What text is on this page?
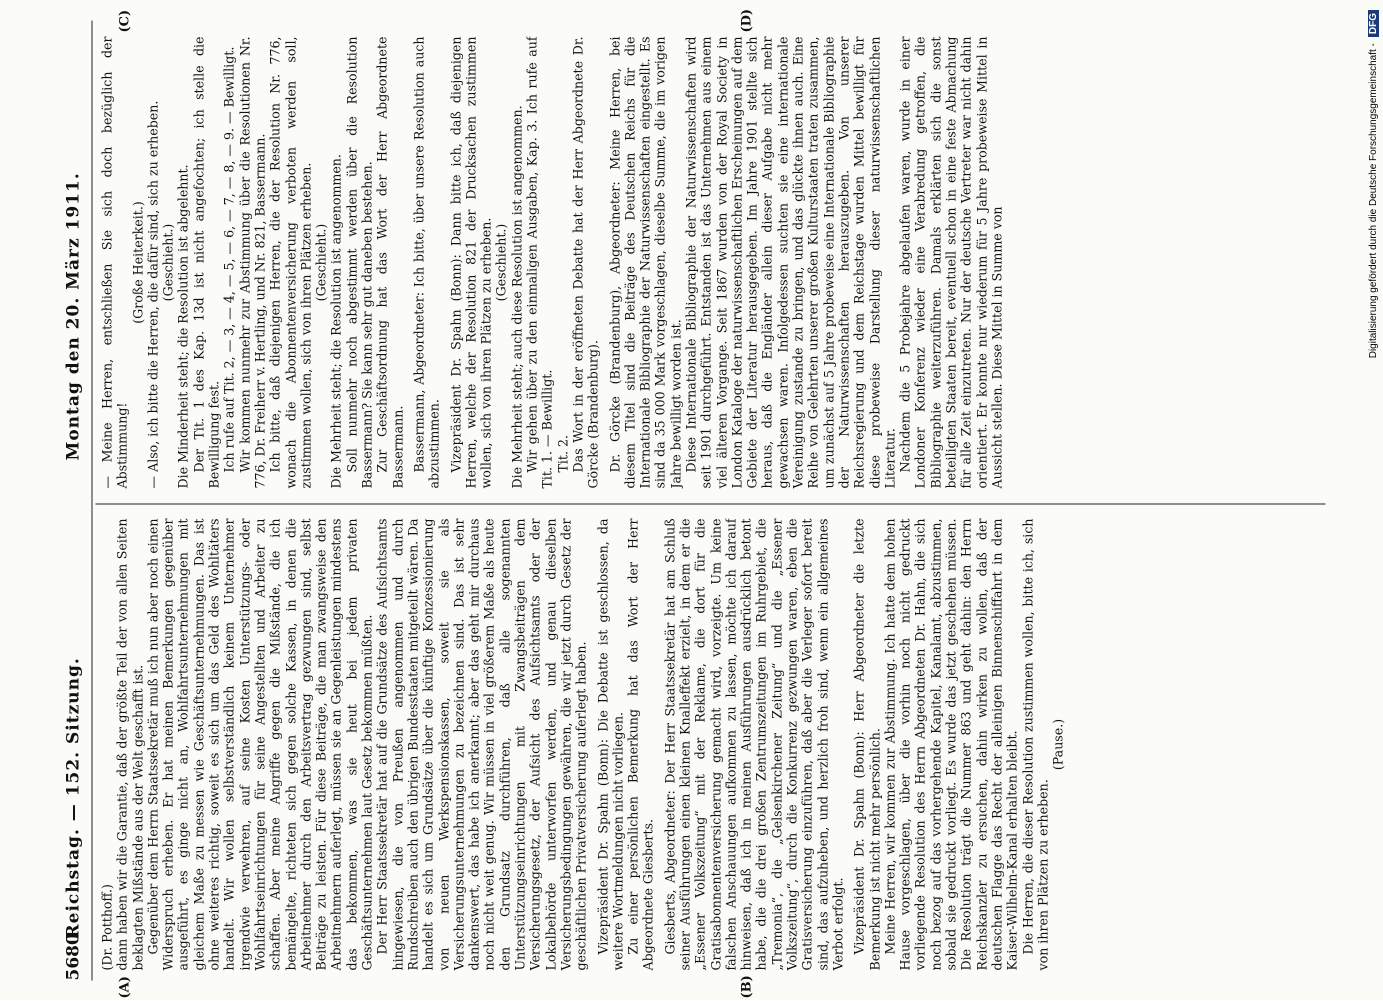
5680
Reichstag. — 152. Sitzung.
Montag den 20. März 1911.
(A)	(B)
(C)	(D)

(Dr. Potthoff.) dann haben wir die Garantie, daß der größte Teil der von allen Seiten beklagten Mißstände aus der Welt geschafft ist. Gegenüber dem Herrn Staatssekretär muß ich nun aber noch einen Widerspruch erheben. Er hat meinen Bemerkungen gegenüber ausgeführt, es ginge nicht an, Wohlfahrtsunternehmungen mit gleichem Maße zu messen wie Geschäftsunternehmungen. Das ist ohne weiteres richtig, soweit es sich um das Geld des Wohltäters handelt. Wir wollen selbstverständlich keinem Unternehmer irgendwie verwehren, auf seine Kosten Unterstützungs- oder Wohlfahrtseinrichtungen für seine Angestellten und Arbeiter zu schaffen. Aber meine Angriffe gegen die Mißstände, die ich bemängelte, richteten sich gegen solche Kassen, in denen die Arbeitnehmer durch den Arbeitsvertrag gezwungen sind, selbst Beiträge zu leisten. Für diese Beiträge, die man zwangsweise den Arbeitnehmern auferlegt, müssen sie an Gegenleistungen mindestens das bekommen, was sie heut bei jedem privaten Geschäftsunternehmen laut Gesetz bekommen müßten. Der Herr Staatssekretär hat auf die Grundsätze des Aufsichtsamts hingewiesen, die von Preußen angenommen und durch Rundschreiben auch den übrigen Bundesstaaten mitgeteilt wären. Da handelt es sich um Grundsätze über die künftige Konzessionierung von neuen Werkspensionskassen, soweit sie als Versicherungsunternehmungen zu bezeichnen sind. Das ist sehr dankenswert, das habe ich anerkannt; aber das geht mir durchaus noch nicht weit genug. Wir müssen in viel größerem Maße als heute den Grundsatz durchführen, daß alle sogenannten Unterstützungseinrichtungen mit Zwangsbeiträgen dem Versicherungsgesetz, der Aufsicht des Aufsichtsamts oder der Lokalbehörde unterworfen werden, und genau dieselben Versicherungsbedingungen gewähren, die wir jetzt durch Gesetz der geschäftlichen Privatversicherung auferlegt haben. Vizepräsident Dr. Spahn (Bonn): Die Debatte ist geschlossen, da weitere Wortmeldungen nicht vorliegen. Zu einer persönlichen Bemerkung hat das Wort der Herr Abgeordnete Giesberts. Giesberts, Abgeordneter: Der Herr Staatssekretär hat am Schluß seiner Ausführungen einen kleinen Knalleffekt erzielt, in dem er die „Essener Volkszeitung“ mit der Reklame, die dort für die Gratisabonnentenversicherung gemacht wird, vorzeigte. Um keine falschen Anschauungen aufkommen zu lassen, möchte ich darauf hinweisen, daß ich in meinen Ausführungen ausdrücklich betont habe, die die drei großen Zentrumszeitungen im Ruhrgebiet, die „Tremonia“, die „Gelsenkirchener Zeitung“ und die „Essener Volkszeitung“, durch die Konkurrenz gezwungen waren, eben die Gratisversicherung einzuführen, daß aber die Verleger sofort bereit sind, das aufzuheben, und herzlich froh sind, wenn ein allgemeines Verbot erfolgt. Vizepräsident Dr. Spahn (Bonn): Herr Abgeordneter die letzte Bemerkung ist nicht mehr persönlich. Meine Herren, wir kommen zur Abstimmung. Ich hatte dem hohen Hause vorgeschlagen, über die vorhin noch nicht gedruckt vorliegende Resolution des Herrn Abgeordneten Dr. Hahn, die sich noch bezog auf das vorhergehende Kapitel, Kanalamt, abzustimmen, sobald sie gedruckt vorliegt. Es wurde das jetzt geschehen müssen. Die Resolution trägt die Nummer 863 und geht dahin: den Herrn Reichskanzler zu ersuchen, dahin wirken zu wollen, daß der deutschen Flagge das Recht der alleinigen Binnenschiffahrt in dem Kaiser-Wilhelm-Kanal erhalten bleibt. Die Herren, die dieser Resolution zustimmen wollen, bitte ich, sich von ihren Plätzen zu erheben.

(Pause.)

— Meine Herren, entschließen Sie sich doch bezüglich der Abstimmung!

(Große Heiterkeit.) — Also, ich bitte die Herren, die dafür sind, sich zu erheben. (Geschieht.) Die Minderheit steht; die Resolution ist abgelehnt. Der Tit. 1 des Kap. 13d ist nicht angefochten; ich stelle die Bewilligung fest. Ich rufe auf Tit. 2, — 3, — 4, — 5, — 6, — 7, — 8, — 9. — Bewilligt. Wir kommen nunmehr zur Abstimmung über die Resolutionen Nr. 776, Dr. Freiherr v. Hertling, und Nr. 821, Bassermann. Ich bitte, daß diejenigen Herren, die der Resolution Nr. 776, wonach die Abonnentenversicherung verboten werden soll, zustimmen wollen, sich von ihren Plätzen erheben. (Geschieht.) Die Mehrheit steht; die Resolution ist angenommen. Soll nunmehr noch abgestimmt werden über die Resolution Bassermann? Sie kann sehr gut daneben bestehen. Zur Geschäftsordnung hat das Wort der Herr Abgeordnete Bassermann. Bassermann, Abgeordneter: Ich bitte, über unsere Resolution auch abzustimmen. Vizepräsident Dr. Spahn (Bonn): Dann bitte ich, daß diejenigen Herren, welche der Resolution 821 der Drucksachen zustimmen wollen, sich von ihren Plätzen zu erheben. (Geschieht.) Die Mehrheit steht; auch diese Resolution ist angenommen. Wir gehen über zu den einmaligen Ausgaben, Kap. 3. Ich rufe auf Tit. 1. — Bewilligt. Tit. 2. Das Wort in der eröffneten Debatte hat der Herr Abgeordnete Dr. Görcke (Brandenburg). Dr. Görcke (Brandenburg), Abgeordneter: Meine Herren, bei diesem Titel sind die Beiträge des Deutschen Reichs für die Internationale Bibliographie der Naturwissenschaften eingestellt. Es sind da 35 000 Mark vorgeschlagen, dieselbe Summe, die im vorigen Jahre bewilligt worden ist. Diese Internationale Bibliographie der Naturwissenschaften wird seit 1901 durchgeführt. Entstanden ist das Unternehmen aus einem viel älteren Vorgange. Seit 1867 wurden von der Royal Society in London Kataloge der naturwissenschaftlichen Erscheinungen auf dem Gebiete der Literatur herausgegeben. Im Jahre 1901 stellte sich heraus, daß die Engländer allein dieser Aufgabe nicht mehr gewachsen waren. Infolgedessen suchten sie eine internationale Vereinigung zustande zu bringen, und das glückte ihnen auch. Eine Reihe von Gelehrten unserer großen Kulturstaaten traten zusammen, um zunächst auf 5 Jahre probeweise eine Internationale Bibliographie der Naturwissenschaften herauszugeben. Von unserer Reichsregierung und dem Reichstage wurden Mittel bewilligt für diese probeweise Darstellung dieser naturwissenschaftlichen Literatur. Nachdem die 5 Probejahre abgelaufen waren, wurde in einer Londoner Konferenz wieder eine Verabredung getroffen, die Bibliographie weiterzuführen. Damals erklärten sich die sonst beteiligten Staaten bereit, eventuell schon in eine feste Abmachung für alle Zeit einzutreten. Nur der deutsche Vertreter war nicht dahin orientiert. Er konnte nur wiederum für 5 Jahre probeweise Mittel in Aussicht stellen. Diese Mittel in Summe von	Digitalisierung gefördert durch die Deutsche Forschungsgemeinschaft -DFG
